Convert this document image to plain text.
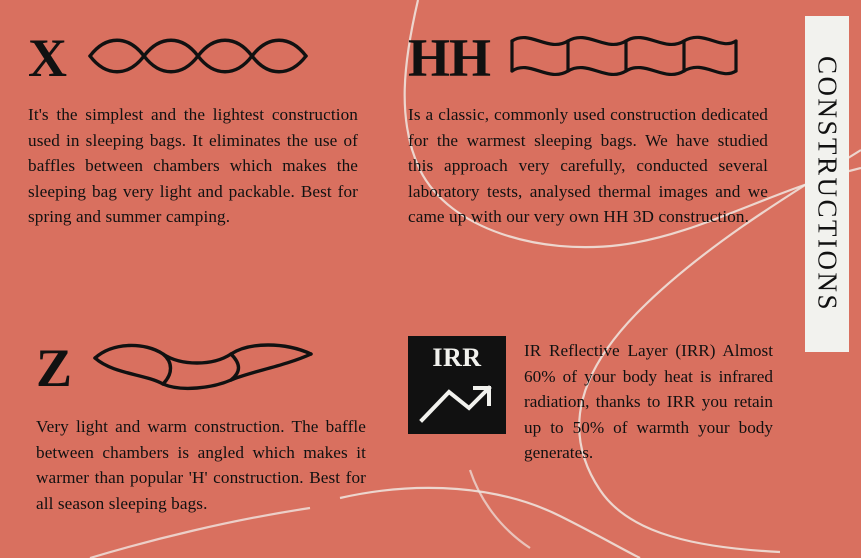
CONSTRUCTIONS
X
It's the simplest and the lightest construction used in sleeping bags. It eliminates the use of baffles between chambers which makes the sleeping bag very light and packable. Best for spring and summer camping.
HH
Is a classic, commonly used construction dedicated for the warmest sleeping bags. We have studied this approach very carefully, conducted several laboratory tests, analysed thermal images and we came up with our very own HH 3D construction.
Z
Very light and warm construction. The baffle between chambers is angled which makes it warmer than popular 'H' construction. Best for all season sleeping bags.
IRR	IR Reflective Layer (IRR) Almost 60% of your body heat is infrared radiation, thanks to IRR you retain up to 50% of warmth your body generates.
